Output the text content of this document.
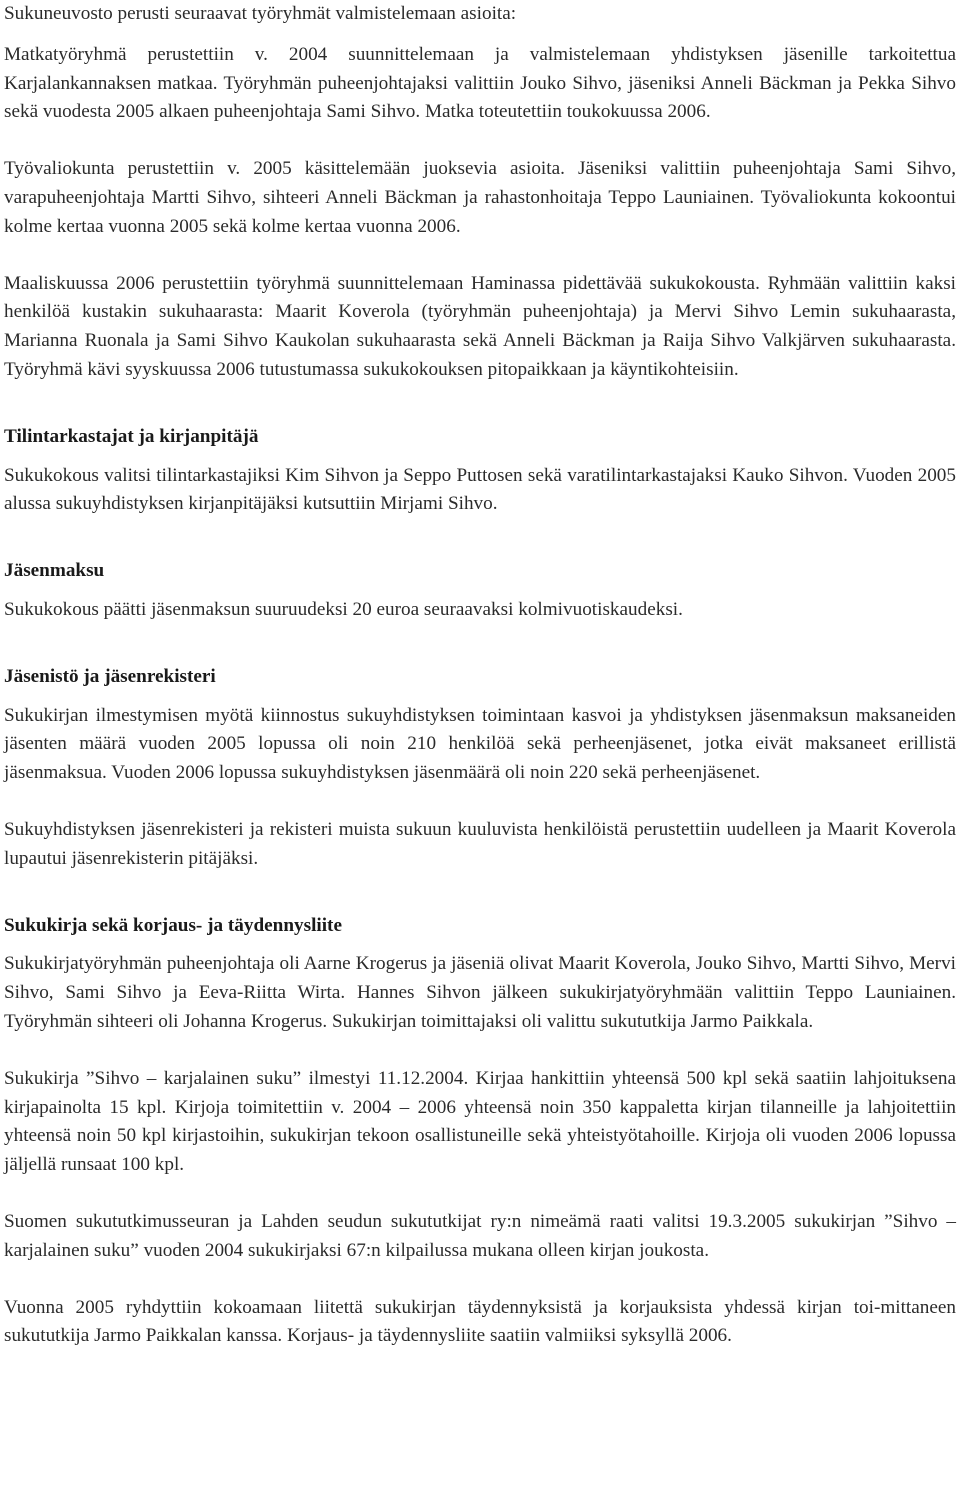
Sukuneuvosto perusti seuraavat työryhmät valmistelemaan asioita:

Matkatyöryhmä perustettiin v. 2004 suunnittelemaan ja valmistelemaan yhdistyksen jäsenille tarkoitettua Karjalankannaksen matkaa. Työryhmän puheenjohtajaksi valittiin Jouko Sihvo, jäseniksi Anneli Bäckman ja Pekka Sihvo sekä vuodesta 2005 alkaen puheenjohtaja Sami Sihvo. Matka toteutettiin toukokuussa 2006.

Työvaliokunta perustettiin v. 2005 käsittelemään juoksevia asioita. Jäseniksi valittiin puheenjohtaja Sami Sihvo, varapuheenjohtaja Martti Sihvo, sihteeri Anneli Bäckman ja rahastonhoitaja Teppo Launiainen. Työvaliokunta kokoontui kolme kertaa vuonna 2005 sekä kolme kertaa vuonna 2006.

Maaliskuussa 2006 perustettiin työryhmä suunnittelemaan Haminassa pidettävää sukukokousta. Ryhmään valittiin kaksi henkilöä kustakin sukuhaarasta: Maarit Koverola (työryhmän puheenjohtaja) ja Mervi Sihvo Lemin sukuhaarasta, Marianna Ruonala ja Sami Sihvo Kaukolan sukuhaarasta sekä Anneli Bäckman ja Raija Sihvo Valkjärven sukuhaarasta. Työryhmä kävi syyskuussa 2006 tutustumassa sukukokouksen pitopaikkaan ja käyntikohteisiin.

Tilintarkastajat ja kirjanpitäjä

Sukukokous valitsi tilintarkastajiksi Kim Sihvon ja Seppo Puttosen sekä varatilintarkastajaksi Kauko Sihvon. Vuoden 2005 alussa sukuyhdistyksen kirjanpitäjäksi kutsuttiin Mirjami Sihvo.

Jäsenmaksu

Sukukokous päätti jäsenmaksun suuruudeksi 20 euroa seuraavaksi kolmivuotiskaudeksi.

Jäsenistö ja jäsenrekisteri

Sukukirjan ilmestymisen myötä kiinnostus sukuyhdistyksen toimintaan kasvoi ja yhdistyksen jäsenmaksun maksaneiden jäsenten määrä vuoden 2005 lopussa oli noin 210 henkilöä sekä perheenjäsenet, jotka eivät maksaneet erillistä jäsenmaksua. Vuoden 2006 lopussa sukuyhdistyksen jäsenmäärä oli noin 220 sekä perheenjäsenet.

Sukuyhdistyksen jäsenrekisteri ja rekisteri muista sukuun kuuluvista henkilöistä perustettiin uudelleen ja Maarit Koverola lupautui jäsenrekisterin pitäjäksi.

Sukukirja sekä korjaus- ja täydennysliite

Sukukirjatyöryhmän puheenjohtaja oli Aarne Krogerus ja jäseniä olivat Maarit Koverola, Jouko Sihvo, Martti Sihvo, Mervi Sihvo, Sami Sihvo ja Eeva-Riitta Wirta. Hannes Sihvon jälkeen sukukirjatyöryhmään valittiin Teppo Launiainen. Työryhmän sihteeri oli Johanna Krogerus. Sukukirjan toimittajaksi oli valittu sukututkija Jarmo Paikkala.

Sukukirja ”Sihvo – karjalainen suku” ilmestyi 11.12.2004. Kirjaa hankittiin yhteensä 500 kpl sekä saatiin lahjoituksena kirjapainolta 15 kpl. Kirjoja toimitettiin v. 2004 – 2006 yhteensä noin 350 kappaletta kirjan tilanneille ja lahjoitettiin yhteensä noin 50 kpl kirjastoihin, sukukirjan tekoon osallistuneille sekä yhteistyötahoille. Kirjoja oli vuoden 2006 lopussa jäljellä runsaat 100 kpl.

Suomen sukututkimusseuran ja Lahden seudun sukututkijat ry:n nimeämä raati valitsi 19.3.2005 sukukirjan ”Sihvo – karjalainen suku” vuoden 2004 sukukirjaksi 67:n kilpailussa mukana olleen kirjan joukosta.

Vuonna 2005 ryhdyttiin kokoamaan liitettä sukukirjan täydennyksistä ja korjauksista yhdessä kirjan toi-mittaneen sukututkija Jarmo Paikkalan kanssa. Korjaus- ja täydennysliite saatiin valmiiksi syksyllä 2006.
